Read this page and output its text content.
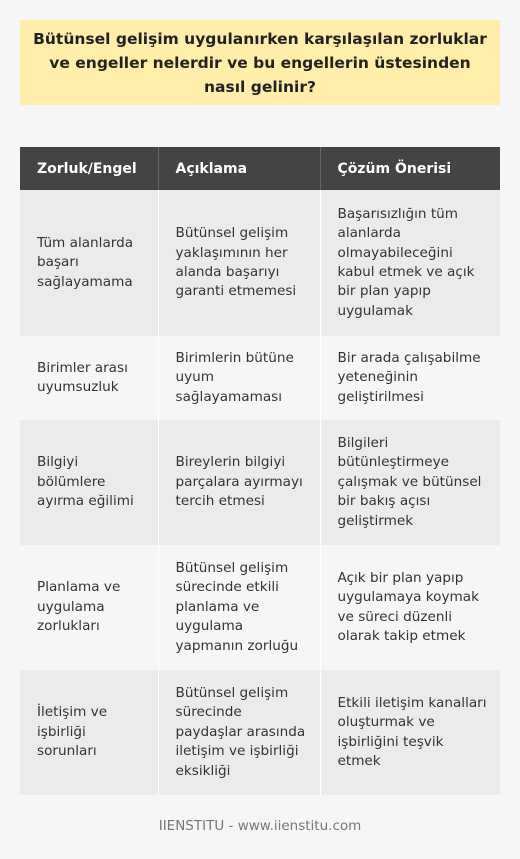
Bütünsel gelişim uygulanırken karşılaşılan zorluklar ve engeller nelerdir ve bu engellerin üstesinden nasıl gelinir?
Zorluk/Engel	Açıklama	Çözüm Önerisi
Tüm alanlarda başarı sağlayamama	Bütünsel gelişim yaklaşımının her alanda başarıyı garanti etmemesi	Başarısızlığın tüm alanlarda olmayabileceğini kabul etmek ve açık bir plan yapıp uygulamak
Birimler arası uyumsuzluk	Birimlerin bütüne uyum sağlayamaması	Bir arada çalışabilme yeteneğinin geliştirilmesi
Bilgiyi bölümlere ayırma eğilimi	Bireylerin bilgiyi parçalara ayırmayı tercih etmesi	Bilgileri bütünleştirmeye çalışmak ve bütünsel bir bakış açısı geliştirmek
Planlama ve uygulama zorlukları	Bütünsel gelişim sürecinde etkili planlama ve uygulama yapmanın zorluğu	Açık bir plan yapıp uygulamaya koymak ve süreci düzenli olarak takip etmek
İletişim ve işbirliği sorunları	Bütünsel gelişim sürecinde paydaşlar arasında iletişim ve işbirliği eksikliği	Etkili iletişim kanalları oluşturmak ve işbirliğini teşvik etmek
IIENSTITU - www.iienstitu.com
